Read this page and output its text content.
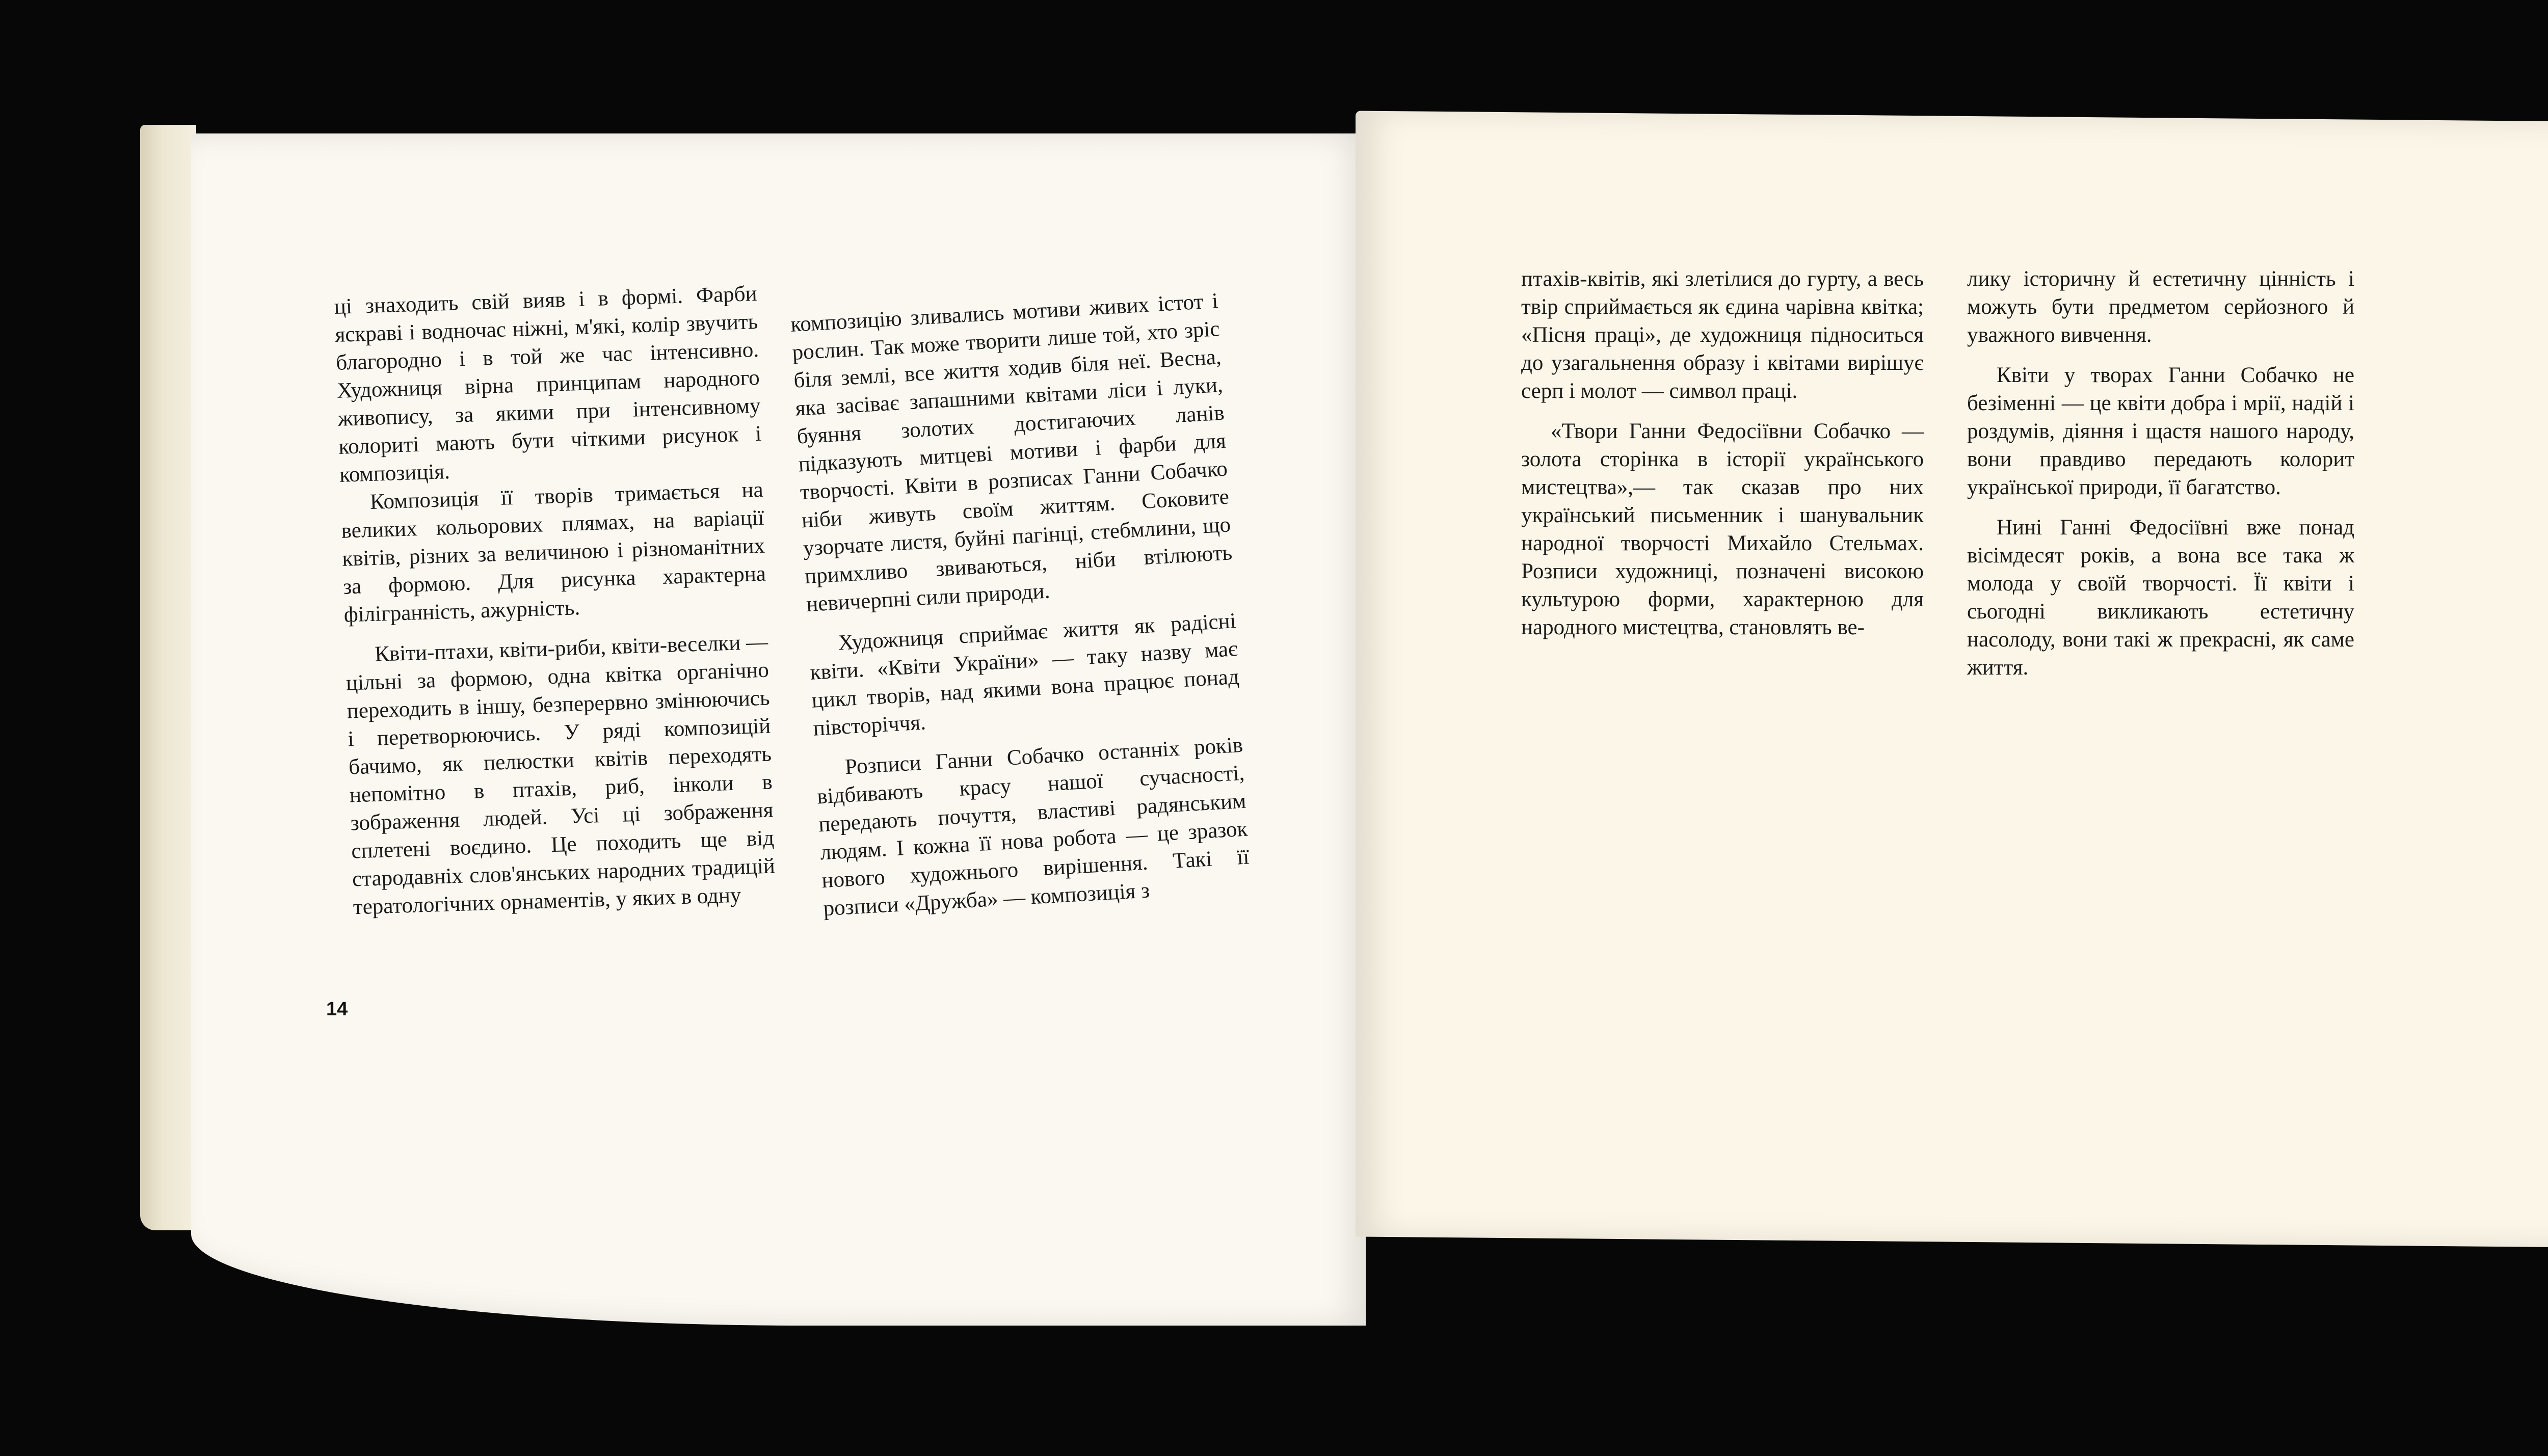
ці знаходить свій вияв і в формі. Фарби яскраві і водночас ніжні, м'які, колір звучить благородно і в той же час інтенсивно. Художниця вірна принципам народного живопису, за якими при інтенсивному колориті мають бути чіткими рисунок і композиція.

Композиція її творів тримається на великих кольорових плямах, на варіації квітів, різних за величиною і різноманітних за формою. Для рисунка характерна філігранність, ажурність.

Квіти-птахи, квіти-риби, квіти-веселки — цільні за формою, одна квітка органічно переходить в іншу, безперервно змінюючись і перетворюючись. У ряді композицій бачимо, як пелюстки квітів переходять непомітно в птахів, риб, інколи в зображення людей. Усі ці зображення сплетені воєдино. Це походить ще від стародавніх слов'янських народних традицій тератологічних орнаментів, у яких в одну

композицію зливались мотиви живих істот і рослин. Так може творити лише той, хто зріс біля землі, все життя ходив біля неї. Весна, яка засіває запашними квітами ліси і луки, буяння золотих достигаючих ланів підказують митцеві мотиви і фарби для творчості. Квіти в розписах Ганни Собачко ніби живуть своїм життям. Соковите узорчате листя, буйні пагінці, стебмлини, що примхливо звиваються, ніби втілюють невичерпні сили природи.

Художниця сприймає життя як радісні квіти. «Квіти України» — таку назву має цикл творів, над якими вона працює понад півсторіччя.

Розписи Ганни Собачко останніх років відбивають красу нашої сучасності, передають почуття, властиві радянським людям. І кожна її нова робота — це зразок нового художнього вирішення. Такі її розписи «Дружба» — композиція з

14

птахів-квітів, які злетілися до гурту, а весь твір сприймається як єдина чарівна квітка; «Пісня праці», де художниця підноситься до узагальнення образу і квітами вирішує серп і молот — символ праці.

«Твори Ганни Федосіївни Собачко — золота сторінка в історії українського мистецтва»,— так сказав про них український письменник і шанувальник народної творчості Михайло Стельмах. Розписи художниці, позначені високою культурою форми, характерною для народного мистецтва, становлять ве-

лику історичну й естетичну цінність і можуть бути предметом серйозного й уважного вивчення.

Квіти у творах Ганни Собачко не безіменні — це квіти добра і мрії, надій і роздумів, діяння і щастя нашого народу, вони правдиво передають колорит української природи, її багатство.

Нині Ганні Федосіївні вже понад вісімдесят років, а вона все така ж молода у своїй творчості. Її квіти і сьогодні викликають естетичну насолоду, вони такі ж прекрасні, як саме життя.
